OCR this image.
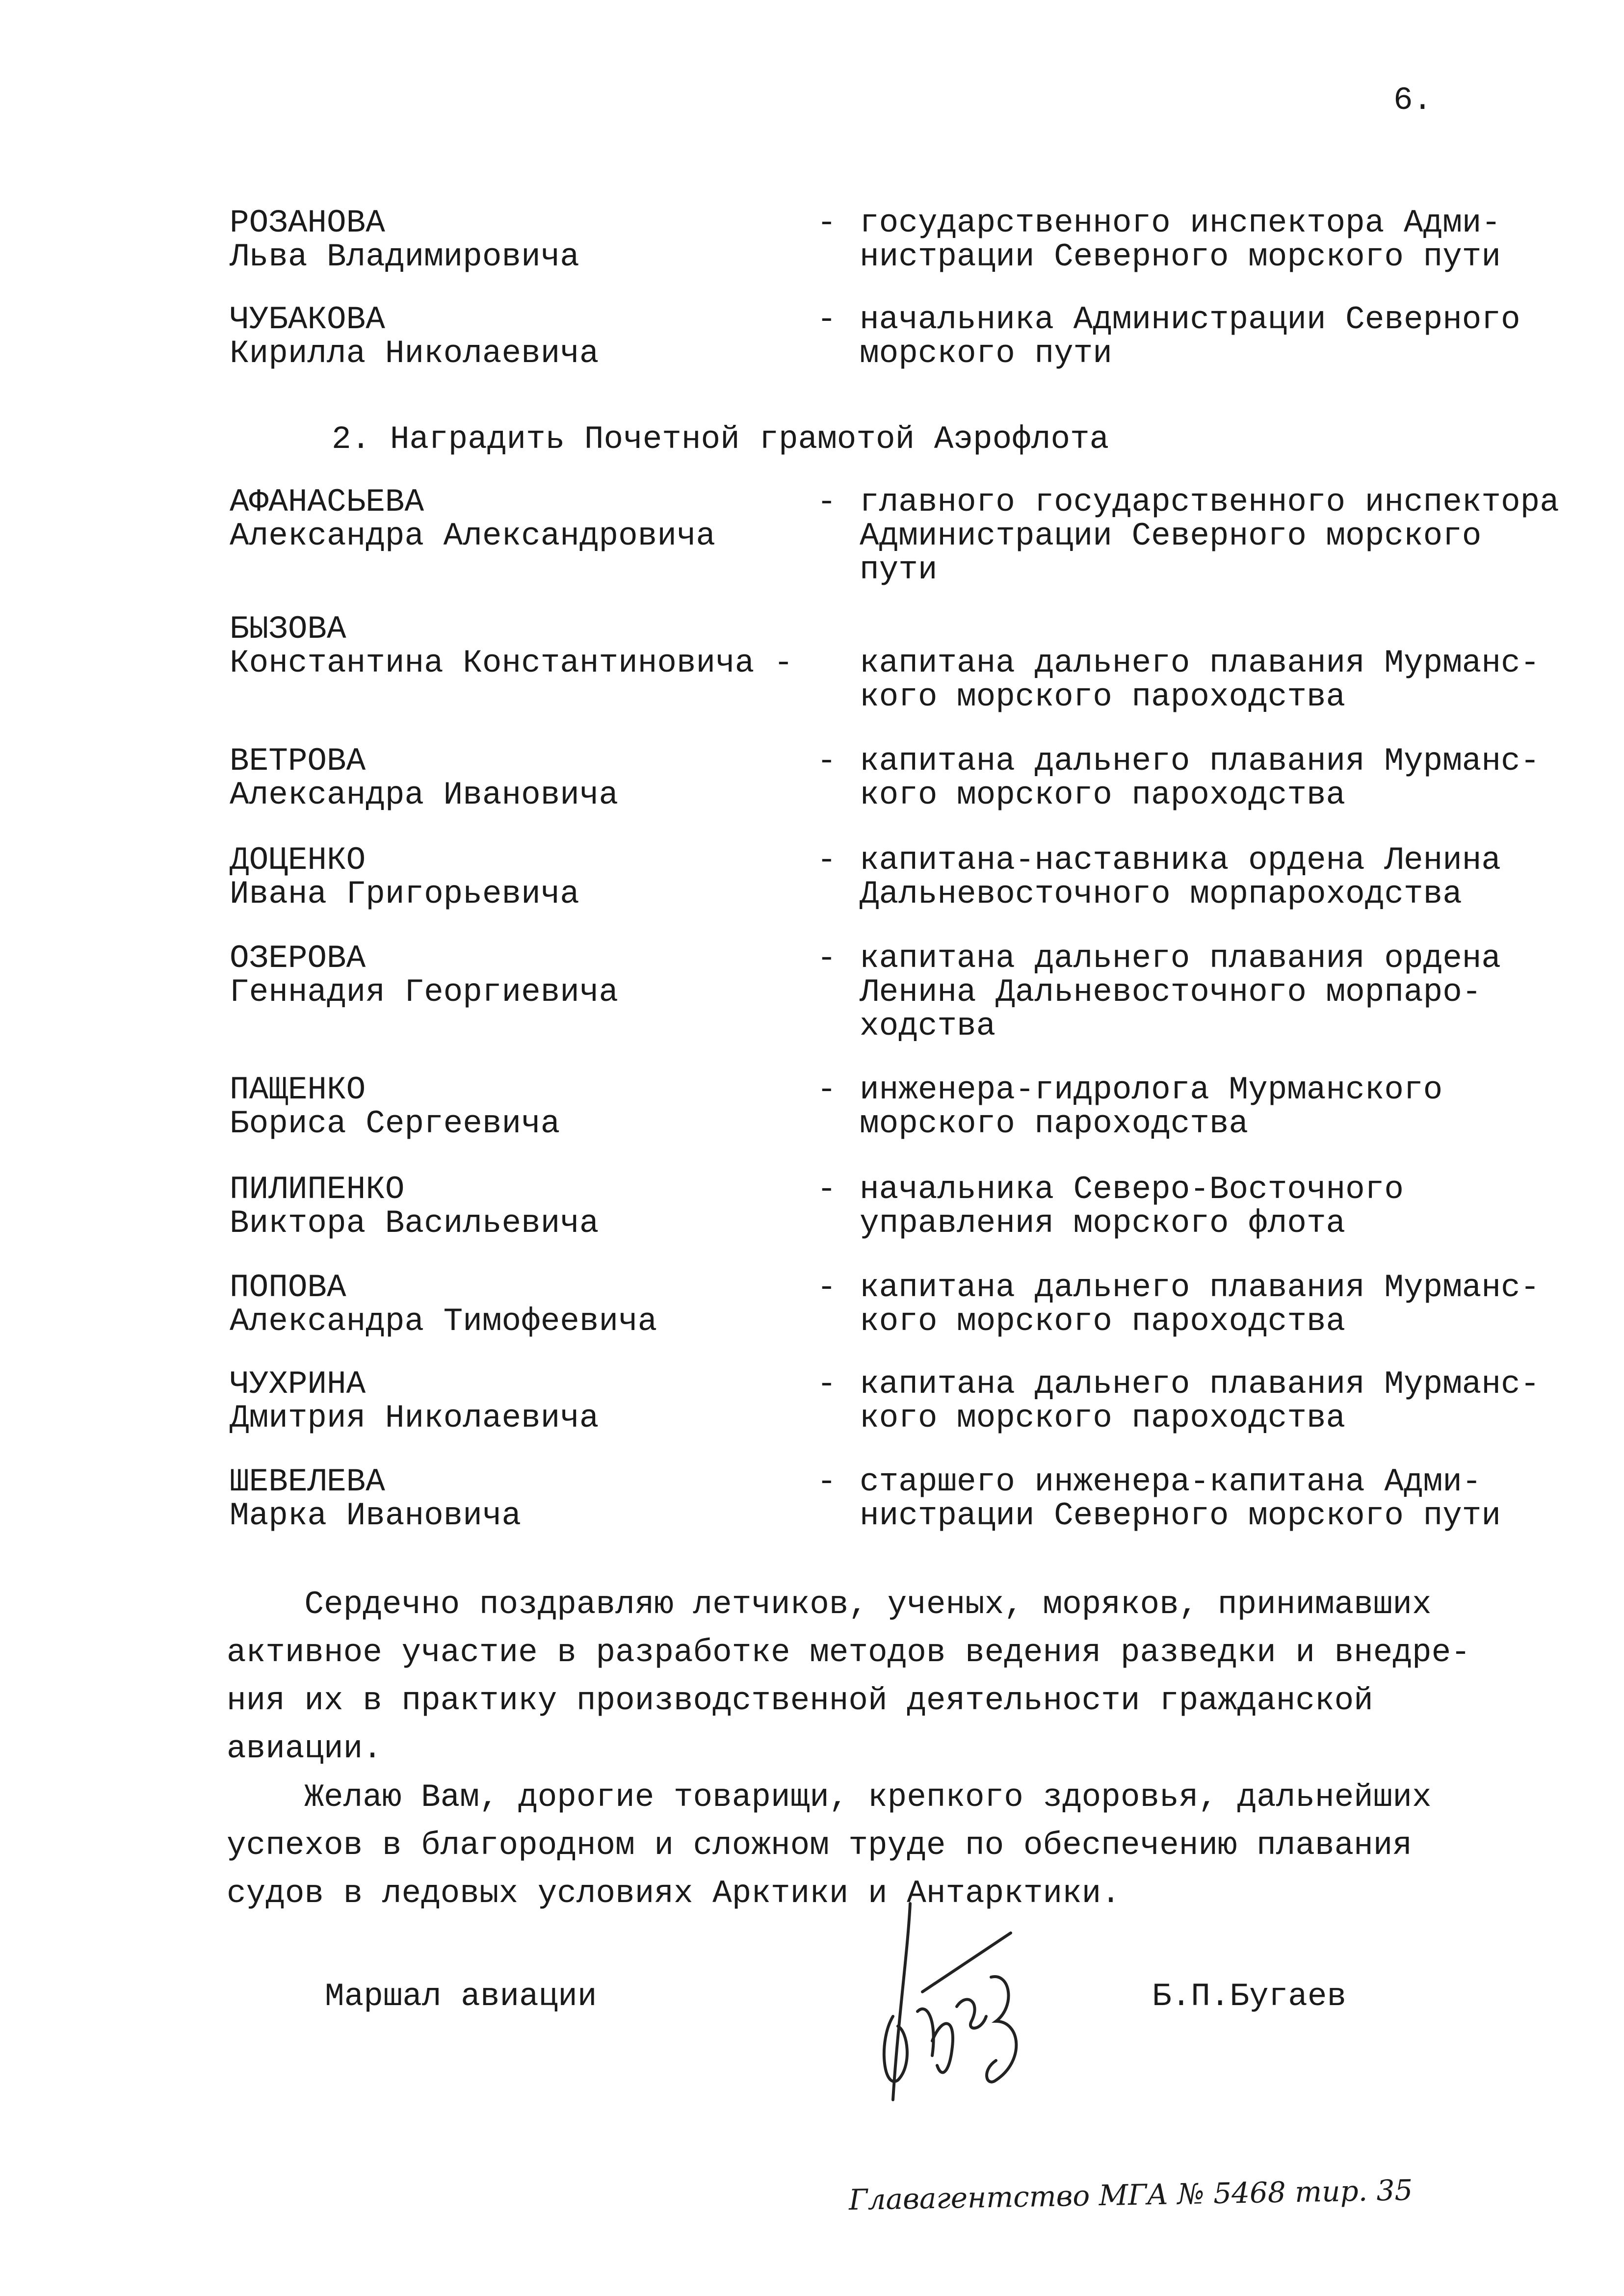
6.
РОЗАНОВА
Льва Владимировича
- государственного инспектора Адми-
нистрации Северного морского пути
ЧУБАКОВА
Кирилла Николаевича
- начальника Администрации Северного
морского пути
2. Наградить Почетной грамотой Аэрофлота
АФАНАСЬЕВА
Александра Александровича
- главного государственного инспектора
Администрации Северного морского
пути
БЫЗОВА
Константина Константиновича - капитана дальнего плавания Мурманс-
кого морского пароходства
ВЕТРОВА
Александра Ивановича
- капитана дальнего плавания Мурманс-
кого морского пароходства
ДОЦЕНКО
Ивана Григорьевича
- капитана-наставника ордена Ленина
Дальневосточного морпароходства
ОЗЕРОВА
Геннадия Георгиевича
- капитана дальнего плавания ордена
Ленина Дальневосточного морпаро-
ходства
ПАЩЕНКО
Бориса Сергеевича
- инженера-гидролога Мурманского
морского пароходства
ПИЛИПЕНКО
Виктора Васильевича
- начальника Северо-Восточного
управления морского флота
ПОПОВА
Александра Тимофеевича
- капитана дальнего плавания Мурманс-
кого морского пароходства
ЧУХРИНА
Дмитрия Николаевича
- капитана дальнего плавания Мурманс-
кого морского пароходства
ШЕВЕЛЕВА
Марка Ивановича
- старшего инженера-капитана Адми-
нистрации Северного морского пути
Сердечно поздравляю летчиков, ученых, моряков, принимавших
активное участие в разработке методов ведения разведки и внедре-
ния их в практику производственной деятельности гражданской
авиации.
Желаю Вам, дорогие товарищи, крепкого здоровья, дальнейших
успехов в благородном и сложном труде по обеспечению плавания
судов в ледовых условиях Арктики и Антарктики.
Маршал авиации	Б.П.Бугаев
Главагентство МГА № 5468 тир. 35
